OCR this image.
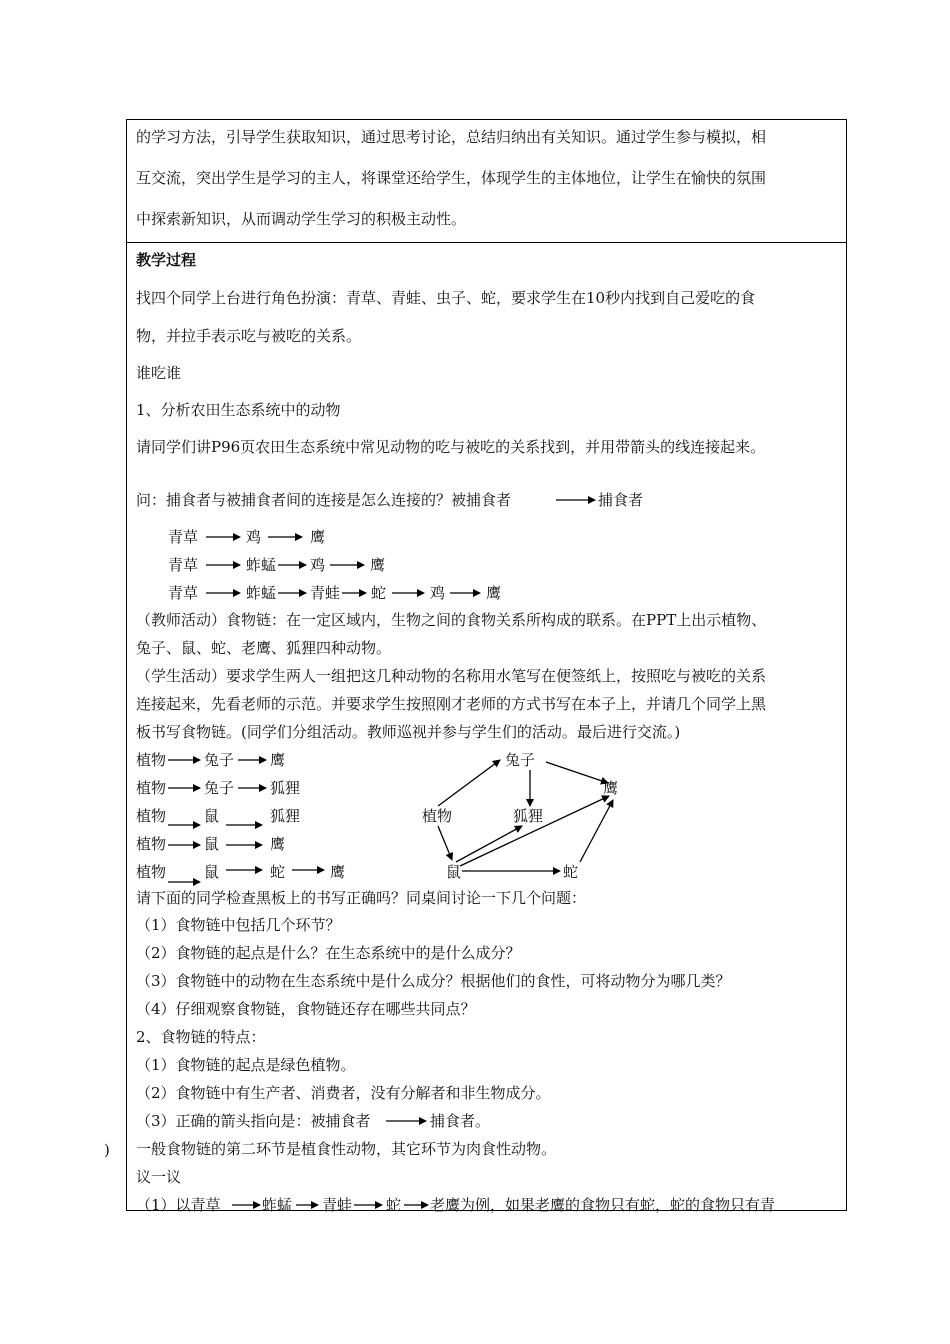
的学习方法，引导学生获取知识，通过思考讨论，总结归纳出有关知识。通过学生参与模拟，相
互交流，突出学生是学习的主人，将课堂还给学生，体现学生的主体地位，让学生在愉快的氛围
中探索新知识，从而调动学生学习的积极主动性。
教学过程
找四个同学上台进行角色扮演：青草、青蛙、虫子、蛇，要求学生在10秒内找到自己爱吃的食
物，并拉手表示吃与被吃的关系。
谁吃谁
1、分析农田生态系统中的动物
请同学们讲P96页农田生态系统中常见动物的吃与被吃的关系找到，并用带箭头的线连接起来。
问：捕食者与被捕食者间的连接是怎么连接的？被捕食者	捕食者
青草	鸡	鹰
青草	蚱蜢 鸡	鹰
青草	蚱蜢 青蛙 蛇	鸡	鹰
（教师活动）食物链：在一定区域内，生物之间的食物关系所构成的联系。在PPT上出示植物、
兔子、鼠、蛇、老鹰、狐狸四种动物。
（学生活动）要求学生两人一组把这几种动物的名称用水笔写在便签纸上，按照吃与被吃的关系
连接起来，先看老师的示范。并要求学生按照刚才老师的方式书写在本子上，并请几个同学上黑
板书写食物链。(同学们分组活动。教师巡视并参与学生们的活动。最后进行交流。)
植物	兔子 鹰
植物	兔子 狐狸
植物	鼠	狐狸
植物	鼠	鹰
植物	鼠	蛇	鹰
兔子
鹰
植物	狐狸
鼠	蛇
请下面的同学检查黑板上的书写正确吗？同桌间讨论一下几个问题：
（1）食物链中包括几个环节？
（2）食物链的起点是什么？在生态系统中的是什么成分？
（3）食物链中的动物在生态系统中是什么成分？根据他们的食性，可将动物分为哪几类？
（4）仔细观察食物链，食物链还存在哪些共同点？
2、食物链的特点：
（1）食物链的起点是绿色植物。
（2）食物链中有生产者、消费者，没有分解者和非生物成分。
（3）正确的箭头指向是：被捕食者	捕食者。
) 一般食物链的第二环节是植食性动物，其它环节为肉食性动物。
议一议
（1）以青草	蚱蜢 青蛙 蛇 老鹰为例，如果老鹰的食物只有蛇，蛇的食物只有青
